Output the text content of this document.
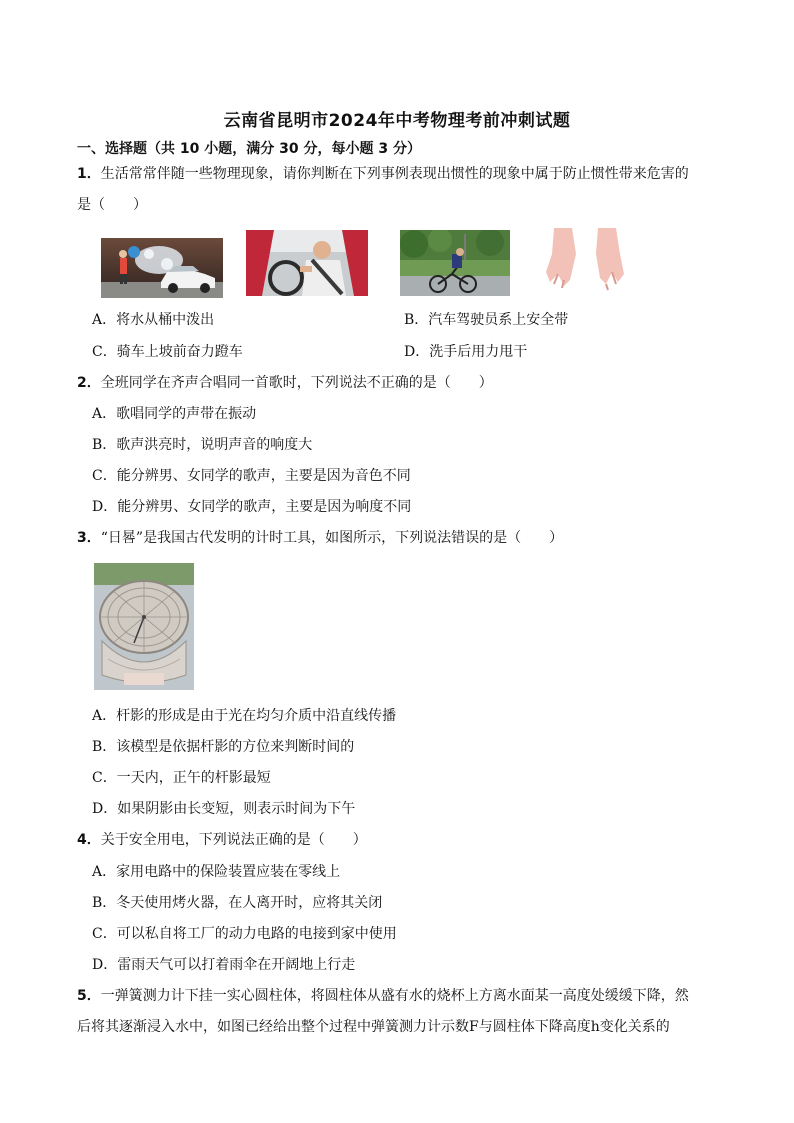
云南省昆明市2024年中考物理考前冲刺试题
一、选择题（共 10 小题，满分 30 分，每小题 3 分）
1．生活常常伴随一些物理现象，请你判断在下列事例表现出惯性的现象中属于防止惯性带来危害的
是（　　）
A．将水从桶中泼出	B．汽车驾驶员系上安全带
C．骑车上坡前奋力蹬车	D．洗手后用力甩干
2．全班同学在齐声合唱同一首歌时，下列说法不正确的是（　　）
A．歌唱同学的声带在振动
B．歌声洪亮时，说明声音的响度大
C．能分辨男、女同学的歌声，主要是因为音色不同
D．能分辨男、女同学的歌声，主要是因为响度不同
3．“日晷”是我国古代发明的计时工具，如图所示，下列说法错误的是（　　）
A．杆影的形成是由于光在均匀介质中沿直线传播
B．该模型是依据杆影的方位来判断时间的
C．一天内，正午的杆影最短
D．如果阴影由长变短，则表示时间为下午
4．关于安全用电，下列说法正确的是（　　）
A．家用电路中的保险装置应装在零线上
B．冬天使用烤火器，在人离开时，应将其关闭
C．可以私自将工厂的动力电路的电接到家中使用
D．雷雨天气可以打着雨伞在开阔地上行走
5．一弹簧测力计下挂一实心圆柱体，将圆柱体从盛有水的烧杯上方离水面某一高度处缓缓下降，然
后将其逐渐浸入水中，如图已经给出整个过程中弹簧测力计示数F与圆柱体下降高度h变化关系的
